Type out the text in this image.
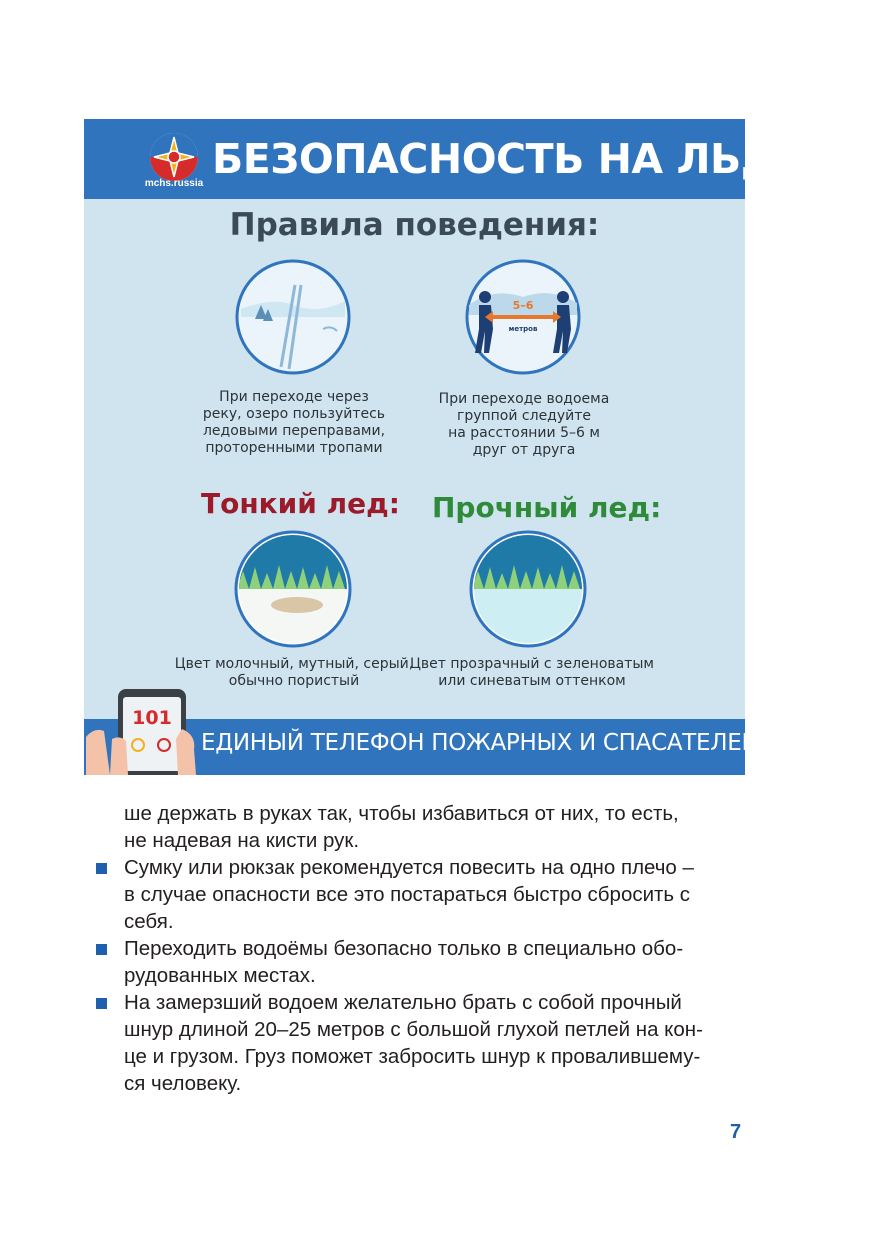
mchs.russia
БЕЗОПАСНОСТЬ НА ЛЬДУ
Правила поведения:
При переходе через
реку, озеро пользуйтесь
ледовыми переправами,
проторенными тропами
5–6
метров
При переходе водоема
группой следуйте
на расстоянии 5–6 м
друг от друга
Тонкий лед: Прочный лед:
Цвет молочный, мутный, серый,
обычно пористый
Цвет прозрачный с зеленоватым
или синеватым оттенком
101
ЕДИНЫЙ ТЕЛЕФОН ПОЖАРНЫХ И СПАСАТЕЛЕЙ
ше держать в руках так, чтобы избавиться от них, то есть,
не надевая на кисти рук.
Сумку или рюкзак рекомендуется повесить на одно плечо –
в случае опасности все это постараться быстро сбросить с
себя.
Переходить водоёмы безопасно только в специально обо-
рудованных местах.
На замерзший водоем желательно брать с собой прочный
шнур длиной 20–25 метров с большой глухой петлей на кон-
це и грузом. Груз поможет забросить шнур к провалившему-
ся человеку.
7
